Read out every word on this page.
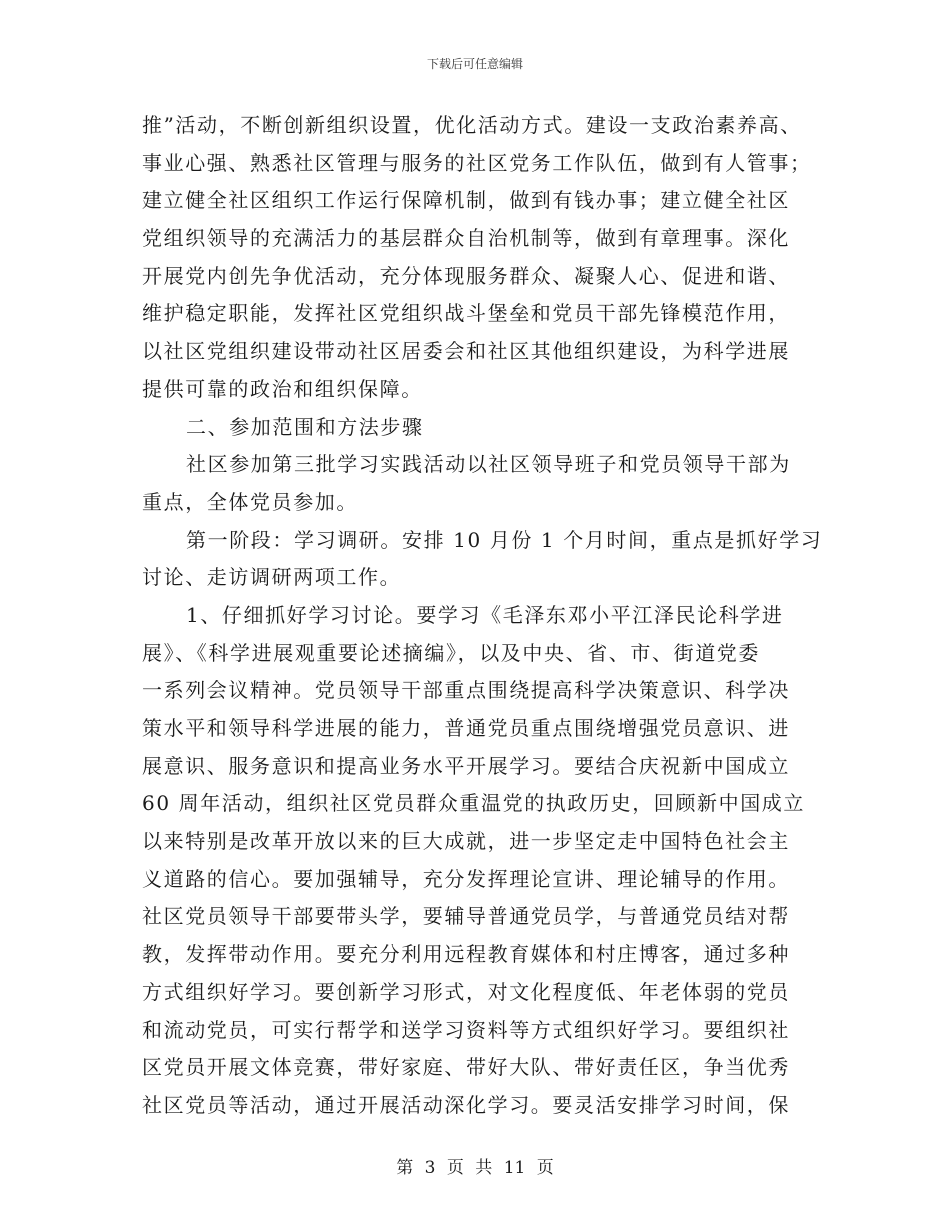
下载后可任意编辑
推”活动，不断创新组织设置，优化活动方式。建设一支政治素养高、
事业心强、熟悉社区管理与服务的社区党务工作队伍，做到有人管事；
建立健全社区组织工作运行保障机制，做到有钱办事；建立健全社区
党组织领导的充满活力的基层群众自治机制等，做到有章理事。深化
开展党内创先争优活动，充分体现服务群众、凝聚人心、促进和谐、
维护稳定职能，发挥社区党组织战斗堡垒和党员干部先锋模范作用，
以社区党组织建设带动社区居委会和社区其他组织建设，为科学进展
提供可靠的政治和组织保障。
二、参加范围和方法步骤
社区参加第三批学习实践活动以社区领导班子和党员领导干部为
重点，全体党员参加。
第一阶段：学习调研。安排 10 月份 1 个月时间，重点是抓好学习
讨论、走访调研两项工作。
1、仔细抓好学习讨论。要学习《毛泽东邓小平江泽民论科学进
展》、《科学进展观重要论述摘编》，以及中央、省、市、街道党委
一系列会议精神。党员领导干部重点围绕提高科学决策意识、科学决
策水平和领导科学进展的能力，普通党员重点围绕增强党员意识、进
展意识、服务意识和提高业务水平开展学习。要结合庆祝新中国成立
60 周年活动，组织社区党员群众重温党的执政历史，回顾新中国成立
以来特别是改革开放以来的巨大成就，进一步坚定走中国特色社会主
义道路的信心。要加强辅导，充分发挥理论宣讲、理论辅导的作用。
社区党员领导干部要带头学，要辅导普通党员学，与普通党员结对帮
教，发挥带动作用。要充分利用远程教育媒体和村庄博客，通过多种
方式组织好学习。要创新学习形式，对文化程度低、年老体弱的党员
和流动党员，可实行帮学和送学习资料等方式组织好学习。要组织社
区党员开展文体竞赛，带好家庭、带好大队、带好责任区，争当优秀
社区党员等活动，通过开展活动深化学习。要灵活安排学习时间，保
第 3 页 共 11 页
